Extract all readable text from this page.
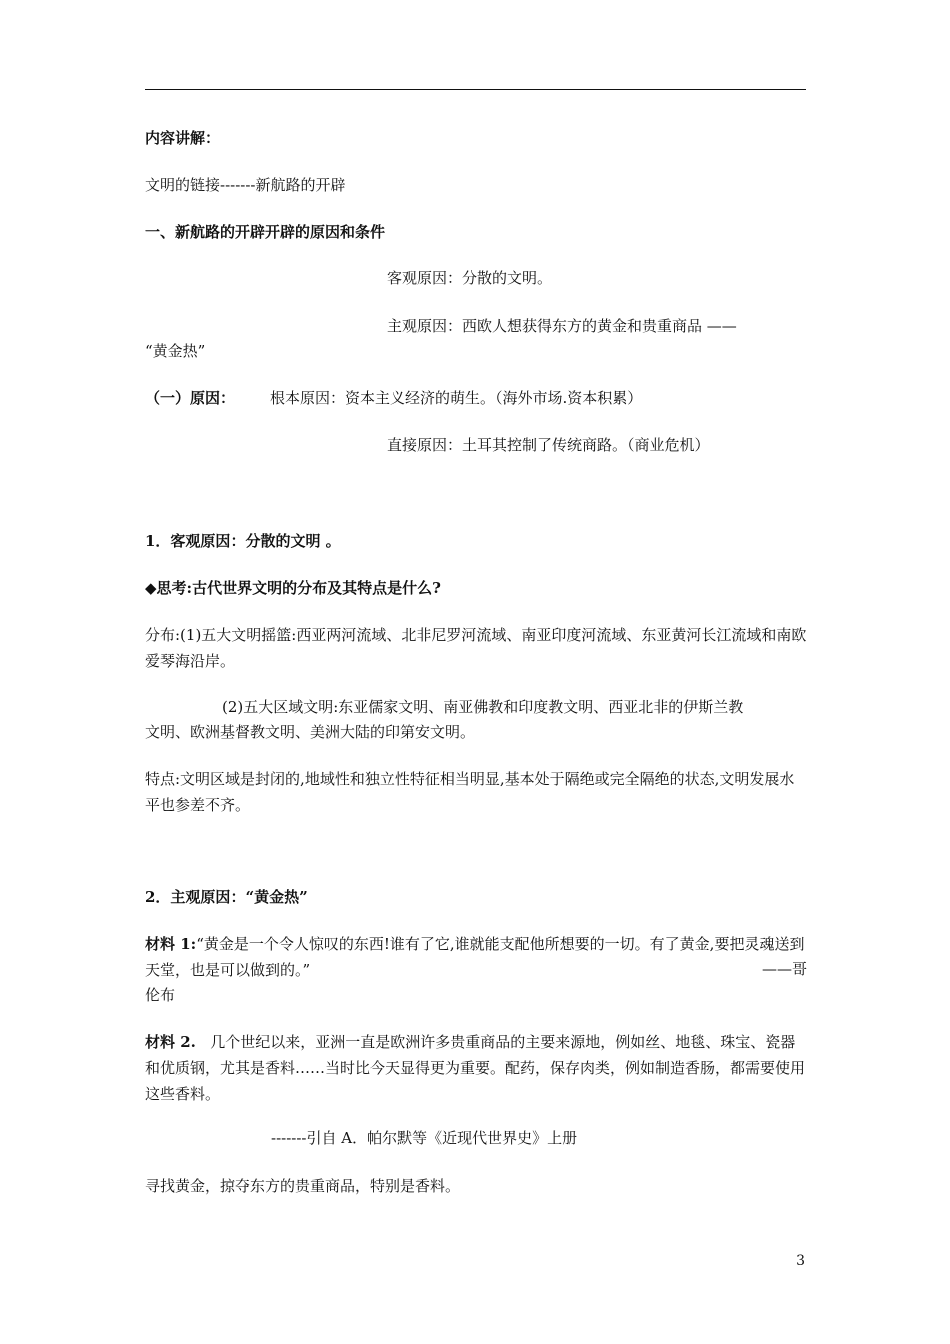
内容讲解：

文明的链接-------新航路的开辟

一、新航路的开辟开辟的原因和条件

客观原因：分散的文明。

主观原因：西欧人想获得东方的黄金和贵重商品 ——

“黄金热”

（一）原因：	根本原因：资本主义经济的萌生。（海外市场.资本积累）

直接原因：土耳其控制了传统商路。（商业危机）

1．客观原因：分散的文明 。

◆思考:古代世界文明的分布及其特点是什么?

分布:(1)五大文明摇篮:西亚两河流域、北非尼罗河流域、南亚印度河流域、东亚黄河长江流域和南欧爱琴海沿岸。

(2)五大区域文明:东亚儒家文明、南亚佛教和印度教文明、西亚北非的伊斯兰教

文明、欧洲基督教文明、美洲大陆的印第安文明。

特点:文明区域是封闭的,地域性和独立性特征相当明显,基本处于隔绝或完全隔绝的状态,文明发展水平也参差不齐。

2．主观原因：“黄金热”

材料 1:“黄金是一个令人惊叹的东西!谁有了它,谁就能支配他所想要的一切。有了黄金,要把灵魂送到天堂，也是可以做到的。”	——哥

伦布

材料 2. 几个世纪以来，亚洲一直是欧洲许多贵重商品的主要来源地，例如丝、地毯、珠宝、瓷器和优质钢，尤其是香料……当时比今天显得更为重要。配药，保存肉类，例如制造香肠，都需要使用这些香料。

-------引自 A．帕尔默等《近现代世界史》上册

寻找黄金，掠夺东方的贵重商品，特别是香料。

3
